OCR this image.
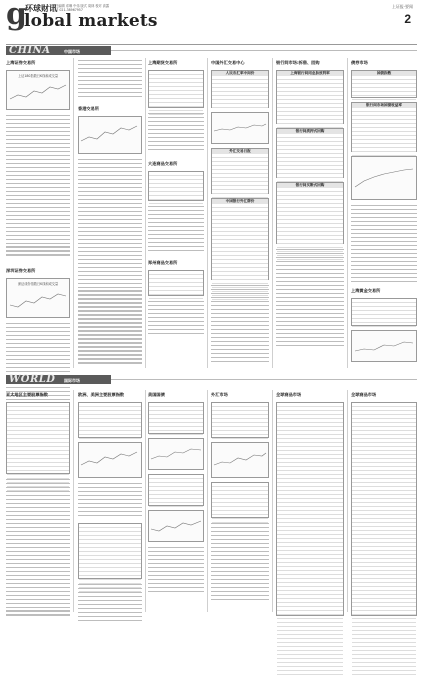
g
环球财讯
lobal markets
责任编辑 邓琳 中伟 版式 周林 校对 高露
电话 021-38967957
上证报·要闻
2
CHINA	中国市场
上海证券交易所
上证180指数日K线和成交量
深圳证券交易所
深证成份指数日K线和成交量
香港交易所
上海期货交易所
大连商品交易所
郑州商品交易所
中国外汇交易中心
人民币汇率中间价
外汇交易日报
中国银行外汇牌价
银行间市场:拆借、回购
上海银行间同业拆放利率
银行间质押式回购
银行间买断式回购
债券市场
国债指数
银行间市场国债收益率
上海黄金交易所
WORLD 国际市场
亚太地区主要股票指数	欧洲、美洲主要股票指数	美国国债	外汇市场	全球商品市场	全球商品市场
